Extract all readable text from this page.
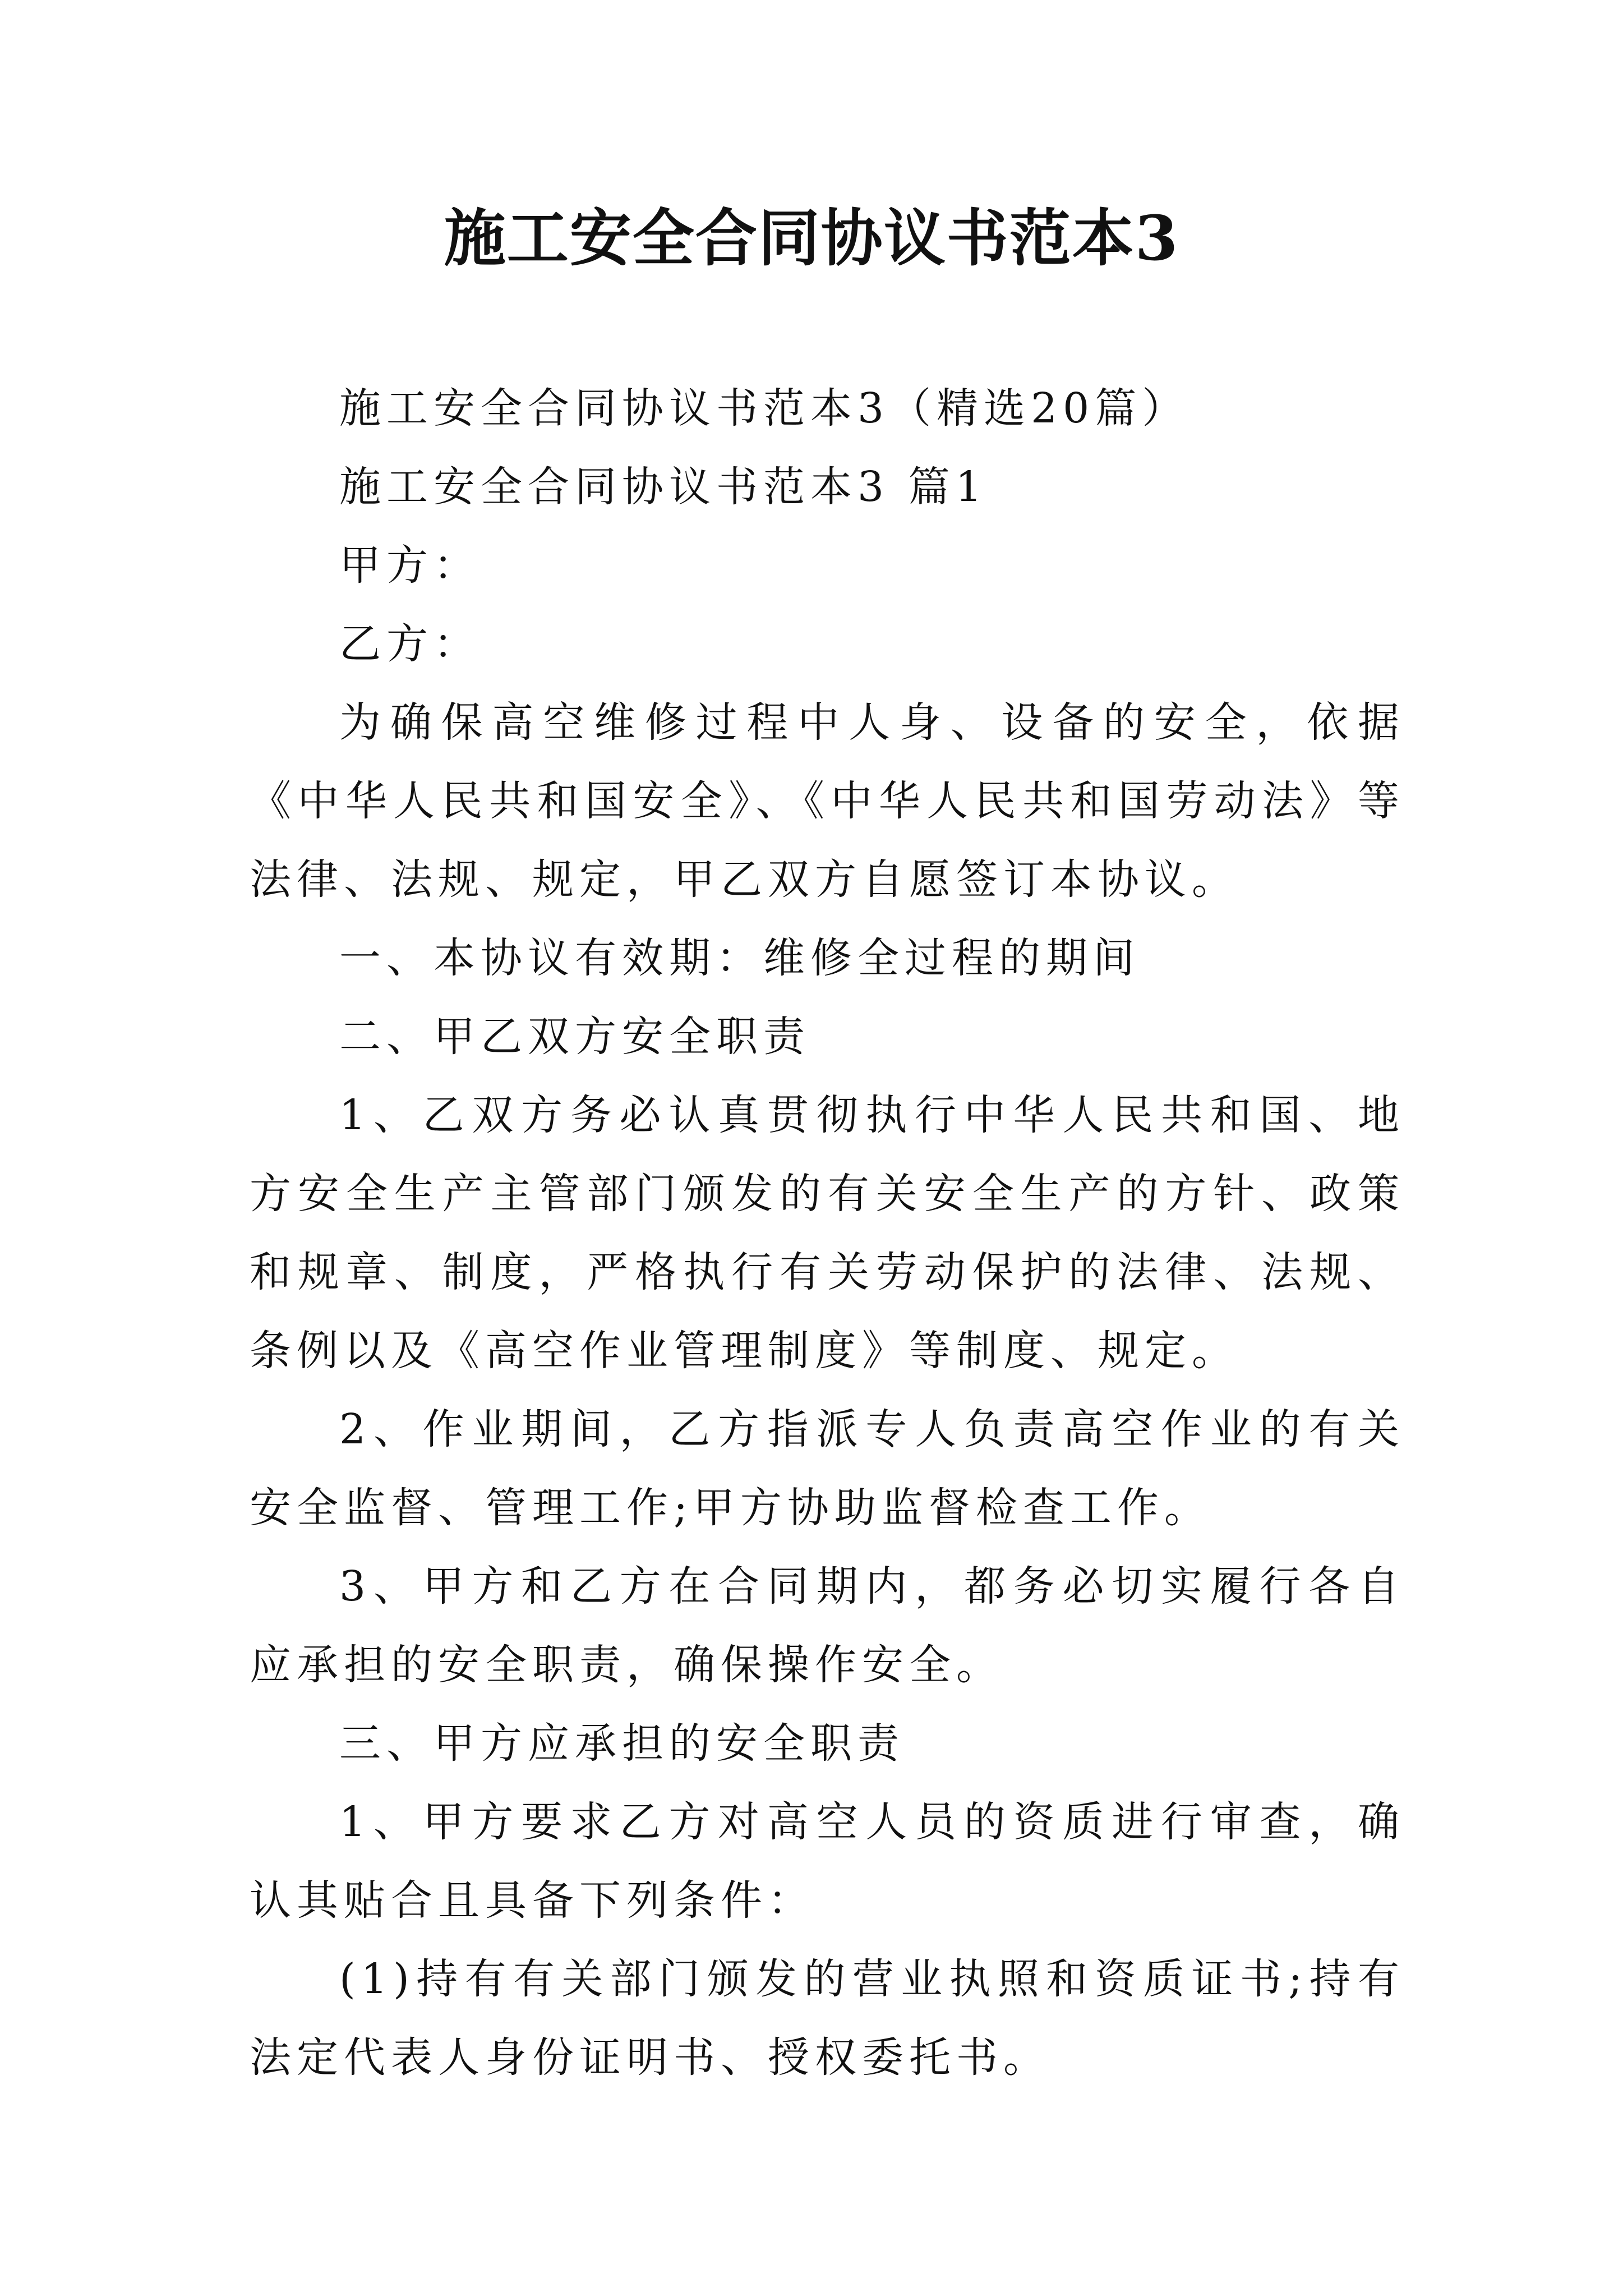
施工安全合同协议书范本3

施工安全合同协议书范本3（精选20篇）

施工安全合同协议书范本3 篇1

甲方：

乙方：

为确保高空维修过程中人身、设备的安全，依据《中华人民共和国安全》、《中华人民共和国劳动法》等法律、法规、规定，甲乙双方自愿签订本协议。

一、本协议有效期：维修全过程的期间

二、甲乙双方安全职责

1、乙双方务必认真贯彻执行中华人民共和国、地方安全生产主管部门颁发的有关安全生产的方针、政策和规章、制度，严格执行有关劳动保护的法律、法规、条例以及《高空作业管理制度》等制度、规定。

2、作业期间，乙方指派专人负责高空作业的有关安全监督、管理工作;甲方协助监督检查工作。

3、甲方和乙方在合同期内，都务必切实履行各自应承担的安全职责，确保操作安全。

三、甲方应承担的安全职责

1、甲方要求乙方对高空人员的资质进行审查，确认其贴合且具备下列条件：

(1)持有有关部门颁发的营业执照和资质证书;持有法定代表人身份证明书、授权委托书。
